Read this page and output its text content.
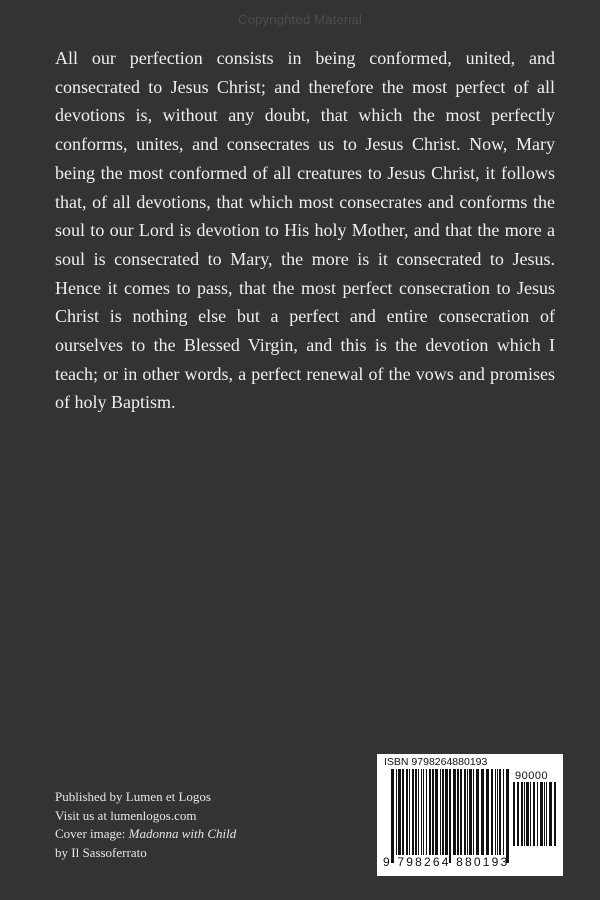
Copyrighted Material

All our perfection consists in being conformed, united, and consecrated to Jesus Christ; and therefore the most perfect of all devotions is, without any doubt, that which the most perfectly conforms, unites, and consecrates us to Jesus Christ. Now, Mary being the most conformed of all creatures to Jesus Christ, it follows that, of all devotions, that which most consecrates and conforms the soul to our Lord is devotion to His holy Mother, and that the more a soul is consecrated to Mary, the more is it consecrated to Jesus. Hence it comes to pass, that the most perfect consecration to Jesus Christ is nothing else but a perfect and entire consecration of ourselves to the Blessed Virgin, and this is the devotion which I teach; or in other words, a perfect renewal of the vows and promises of holy Baptism.

Published by Lumen et Logos
Visit us at lumenlogos.com
Cover image: Madonna with Child
by Il Sassoferrato
ISBN 9798264880193
90000
9 798264 880193
